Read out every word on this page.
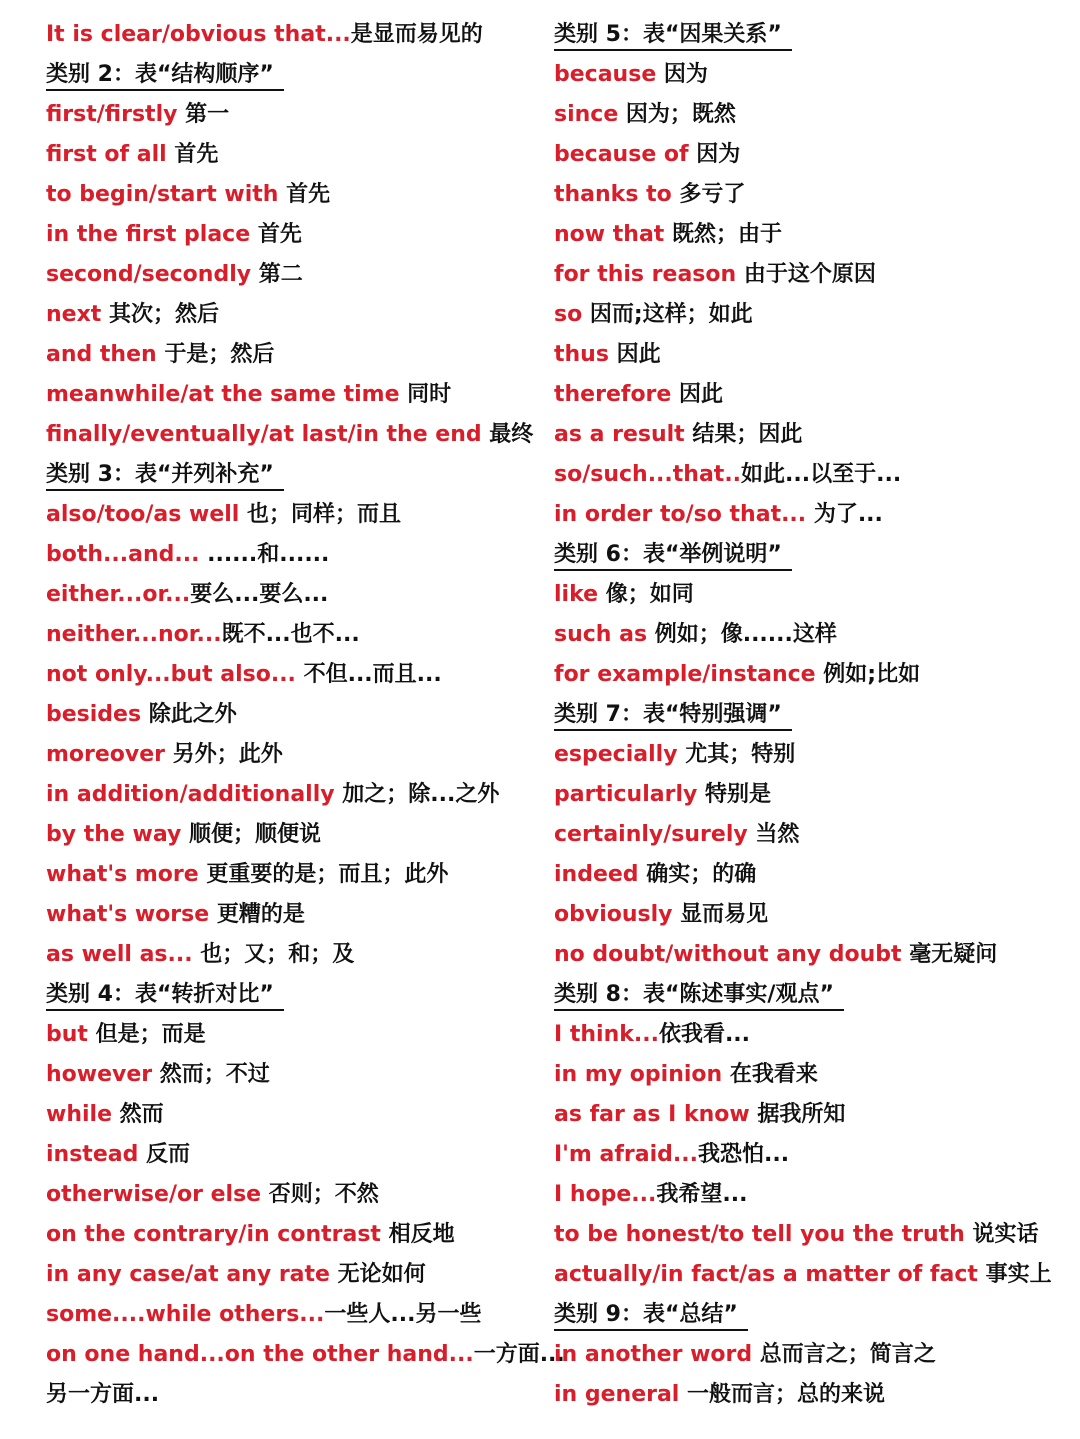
It is clear/obvious that...是显而易见的
类别 2：表“结构顺序”
first/firstly 第一
first of all 首先
to begin/start with 首先
in the first place 首先
second/secondly 第二
next 其次；然后
and then 于是；然后
meanwhile/at the same time 同时
finally/eventually/at last/in the end 最终
类别 3：表“并列补充”
also/too/as well 也；同样；而且
both...and... ......和......
either...or...要么...要么...
neither...nor...既不...也不...
not only...but also... 不但...而且...
besides 除此之外
moreover 另外；此外
in addition/additionally 加之；除...之外
by the way 顺便；顺便说
what's more 更重要的是；而且；此外
what's worse 更糟的是
as well as... 也；又；和；及
类别 4：表“转折对比”
but 但是；而是
however 然而；不过
while 然而
instead 反而
otherwise/or else 否则；不然
on the contrary/in contrast 相反地
in any case/at any rate 无论如何
some....while others...一些人...另一些
on one hand...on the other hand...一方面...
另一方面...
类别 5：表“因果关系”
because 因为
since 因为；既然
because of 因为
thanks to 多亏了
now that 既然；由于
for this reason 由于这个原因
so 因而;这样；如此
thus 因此
therefore 因此
as a result 结果；因此
so/such...that..如此...以至于...
in order to/so that... 为了...
类别 6：表“举例说明”
like 像；如同
such as 例如；像......这样
for example/instance 例如;比如
类别 7：表“特别强调”
especially 尤其；特别
particularly 特别是
certainly/surely 当然
indeed 确实；的确
obviously 显而易见
no doubt/without any doubt 毫无疑问
类别 8：表“陈述事实/观点”
I think...依我看...
in my opinion 在我看来
as far as I know 据我所知
I'm afraid...我恐怕...
I hope...我希望...
to be honest/to tell you the truth 说实话
actually/in fact/as a matter of fact 事实上
类别 9：表“总结”
in another word 总而言之；简言之
in general 一般而言；总的来说
